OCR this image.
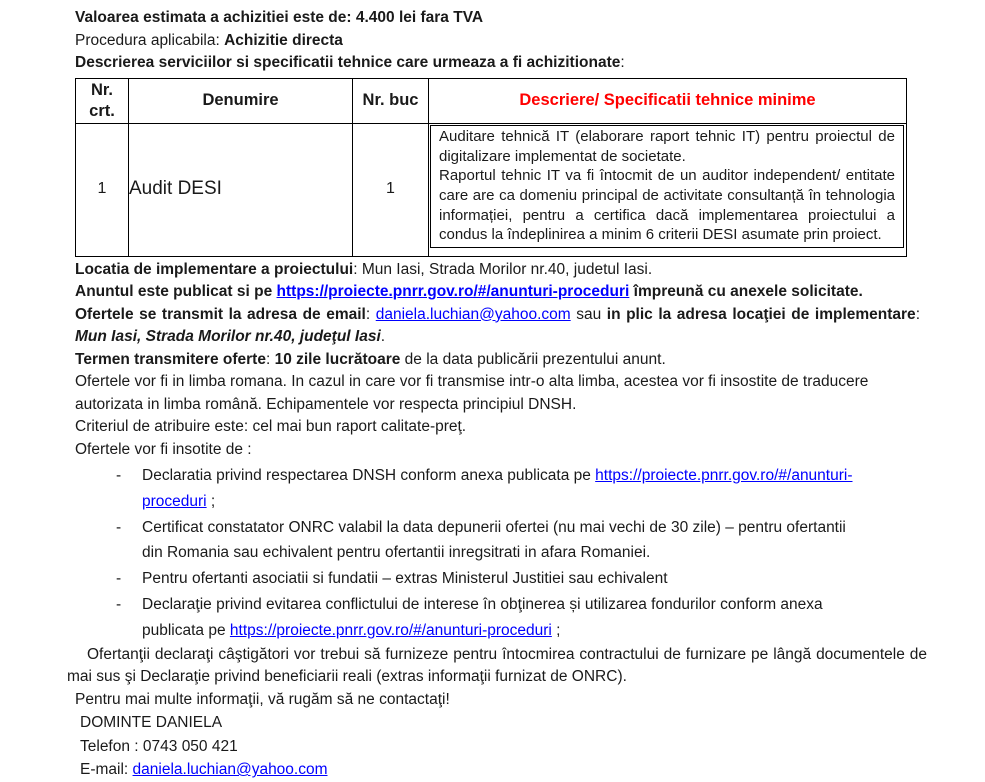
Valoarea estimata a achizitiei este de: 4.400 lei fara TVA

Procedura aplicabila: Achizitie directa

Descrierea serviciilor si specificatii tehnice care urmeaza a fi achizitionate:

Nr. crt.	Denumire	Nr. buc	Descriere/ Specificatii tehnice minime
1	Audit DESI	1	Auditare tehnică IT (elaborare raport tehnic IT) pentru proiectul de digitalizare implementat de societate.

Raportul tehnic IT va fi întocmit de un auditor independent/ entitate care are ca domeniu principal de activitate consultanță în tehnologia informației, pentru a certifica dacă implementarea proiectului a condus la îndeplinirea a minim 6 criterii DESI asumate prin proiect.

Locatia de implementare a proiectului: Mun Iasi, Strada Morilor nr.40, judetul Iasi.

Anuntul este publicat si pe https://proiecte.pnrr.gov.ro/#/anunturi-proceduri împreună cu anexele solicitate.

Ofertele se transmit la adresa de email: daniela.luchian@yahoo.com sau in plic la adresa locaţiei de implementare: Mun Iasi, Strada Morilor nr.40, judeţul Iasi.

Termen transmitere oferte: 10 zile lucrătoare de la data publicării prezentului anunt.

Ofertele vor fi in limba romana. In cazul in care vor fi transmise intr-o alta limba, acestea vor fi insostite de traducere autorizata in limba română. Echipamentele vor respecta principiul DNSH.

Criteriul de atribuire este: cel mai bun raport calitate-preţ.

Ofertele vor fi insotite de :

-	Declaratia privind respectarea DNSH conform anexa publicata pe https://proiecte.pnrr.gov.ro/#/anunturi-proceduri ;
-	Certificat constatator ONRC valabil la data depunerii ofertei (nu mai vechi de 30 zile) – pentru ofertantii din Romania sau echivalent pentru ofertantii inregsitrati in afara Romaniei.
-	Pentru ofertanti asociatii si fundatii – extras Ministerul Justitiei sau echivalent
-	Declaraţie privind evitarea conflictului de interese în obţinerea și utilizarea fondurilor conform anexa publicata pe https://proiecte.pnrr.gov.ro/#/anunturi-proceduri ;

Ofertanţii declaraţi câştigători vor trebui să furnizeze pentru întocmirea contractului de furnizare pe lângă documentele de mai sus şi Declaraţie privind beneficiarii reali (extras informaţii furnizat de ONRC).

Pentru mai multe informaţii, vă rugăm să ne contactaţi!

DOMINTE DANIELA

Telefon : 0743 050 421

E-mail: daniela.luchian@yahoo.com
